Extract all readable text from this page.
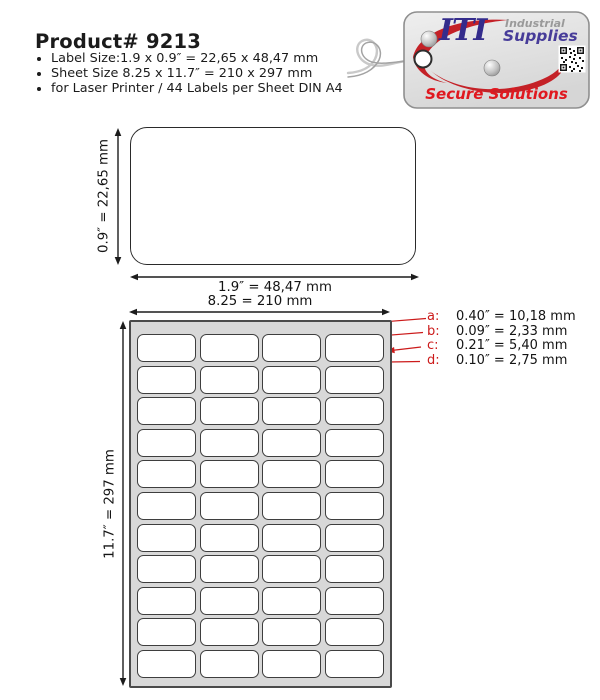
Product# 9213
• Label Size:1.9 x 0.9″ = 22,65 x 48,47 mm
• Sheet Size 8.25 x 11.7″ = 210 x 297 mm
• for Laser Printer / 44 Labels per Sheet DIN A4
ITI Industrial
Supplies
Secure Solutions
0.9″ = 22,65 mm
1.9″ = 48,47 mm
8.25 = 210 mm
11.7″ = 297 mm
a:	0.40″ = 10,18 mm
b:	0.09″ = 2,33 mm
c:	0.21″ = 5,40 mm
d:	0.10″ = 2,75 mm
